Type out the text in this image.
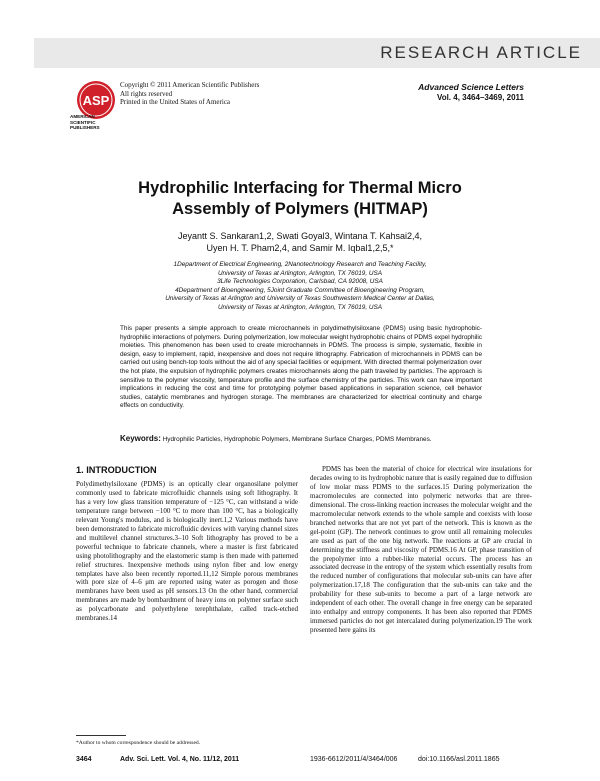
RESEARCH ARTICLE
ASP
AMERICAN
SCIENTIFIC
PUBLISHERS
Copyright © 2011 American Scientific Publishers
All rights reserved
Printed in the United States of America
Advanced Science Letters
Vol. 4, 3464–3469, 2011
Hydrophilic Interfacing for Thermal Micro
Assembly of Polymers (HITMAP)
Jeyantt S. Sankaran1,2, Swati Goyal3, Wintana T. Kahsai2,4,
Uyen H. T. Pham2,4, and Samir M. Iqbal1,2,5,*
1Department of Electrical Engineering, 2Nanotechnology Research and Teaching Facility,
University of Texas at Arlington, Arlington, TX 76019, USA
3Life Technologies Corporation, Carlsbad, CA 92008, USA
4Department of Bioengineering, 5Joint Graduate Committee of Bioengineering Program,
University of Texas at Arlington and University of Texas Southwestern Medical Center at Dallas,
University of Texas at Arlington, Arlington, TX 76019, USA
This paper presents a simple approach to create microchannels in polydimethylsiloxane (PDMS) using basic hydrophobic-hydrophilic interactions of polymers. During polymerization, low molecular weight hydrophobic chains of PDMS expel hydrophilic moieties. This phenomenon has been used to create microchannels in PDMS. The process is simple, systematic, flexible in design, easy to implement, rapid, inexpensive and does not require lithography. Fabrication of microchannels in PDMS can be carried out using bench-top tools without the aid of any special facilities or equipment. With directed thermal polymerization over the hot plate, the expulsion of hydrophilic polymers creates microchannels along the path traveled by particles. The approach is sensitive to the polymer viscosity, temperature profile and the surface chemistry of the particles. This work can have important implications in reducing the cost and time for prototyping polymer based applications in separation science, cell behavior studies, catalytic membranes and hydrogen storage. The membranes are characterized for electrical continuity and charge effects on conductivity.
Keywords: Hydrophilic Particles, Hydrophobic Polymers, Membrane Surface Charges, PDMS Membranes.
1. INTRODUCTION

Polydimethylsiloxane (PDMS) is an optically clear organosilane polymer commonly used to fabricate microfluidic channels using soft lithography. It has a very low glass transition temperature of −125 °C, can withstand a wide temperature range between −100 °C to more than 100 °C, has a biologically relevant Young's modulus, and is biologically inert.1,2 Various methods have been demonstrated to fabricate microfluidic devices with varying channel sizes and multilevel channel structures.3–10 Soft lithography has proved to be a powerful technique to fabricate channels, where a master is first fabricated using photolithography and the elastomeric stamp is then made with patterned relief structures. Inexpensive methods using nylon fiber and low energy templates have also been recently reported.11,12 Simple porous membranes with pore size of 4–6 μm are reported using water as porogen and those membranes have been used as pH sensors.13 On the other hand, commercial membranes are made by bombardment of heavy ions on polymer surface such as polycarbonate and polyethylene terephthalate, called track-etched membranes.14

PDMS has been the material of choice for electrical wire insulations for decades owing to its hydrophobic nature that is easily regained due to diffusion of low molar mass PDMS to the surfaces.15 During polymerization the macromolecules are connected into polymeric networks that are three-dimensional. The cross-linking reaction increases the molecular weight and the macromolecular network extends to the whole sample and coexists with loose branched networks that are not yet part of the network. This is known as the gel-point (GP). The network continues to grow until all remaining molecules are used as part of the one big network. The reactions at GP are crucial in determining the stiffness and viscosity of PDMS.16 At GP, phase transition of the prepolymer into a rubber-like material occurs. The process has an associated decrease in the entropy of the system which essentially results from the reduced number of configurations that molecular sub-units can have after polymerization.17,18 The configuration that the sub-units can take and the probability for these sub-units to become a part of a large network are independent of each other. The overall change in free energy can be separated into enthalpy and entropy components. It has been also reported that PDMS immersed particles do not get intercalated during polymerization.19 The work presented here gains its

*Author to whom correspondence should be addressed.
3464	Adv. Sci. Lett. Vol. 4, No. 11/12, 2011	1936-6612/2011/4/3464/006	doi:10.1166/asl.2011.1865
